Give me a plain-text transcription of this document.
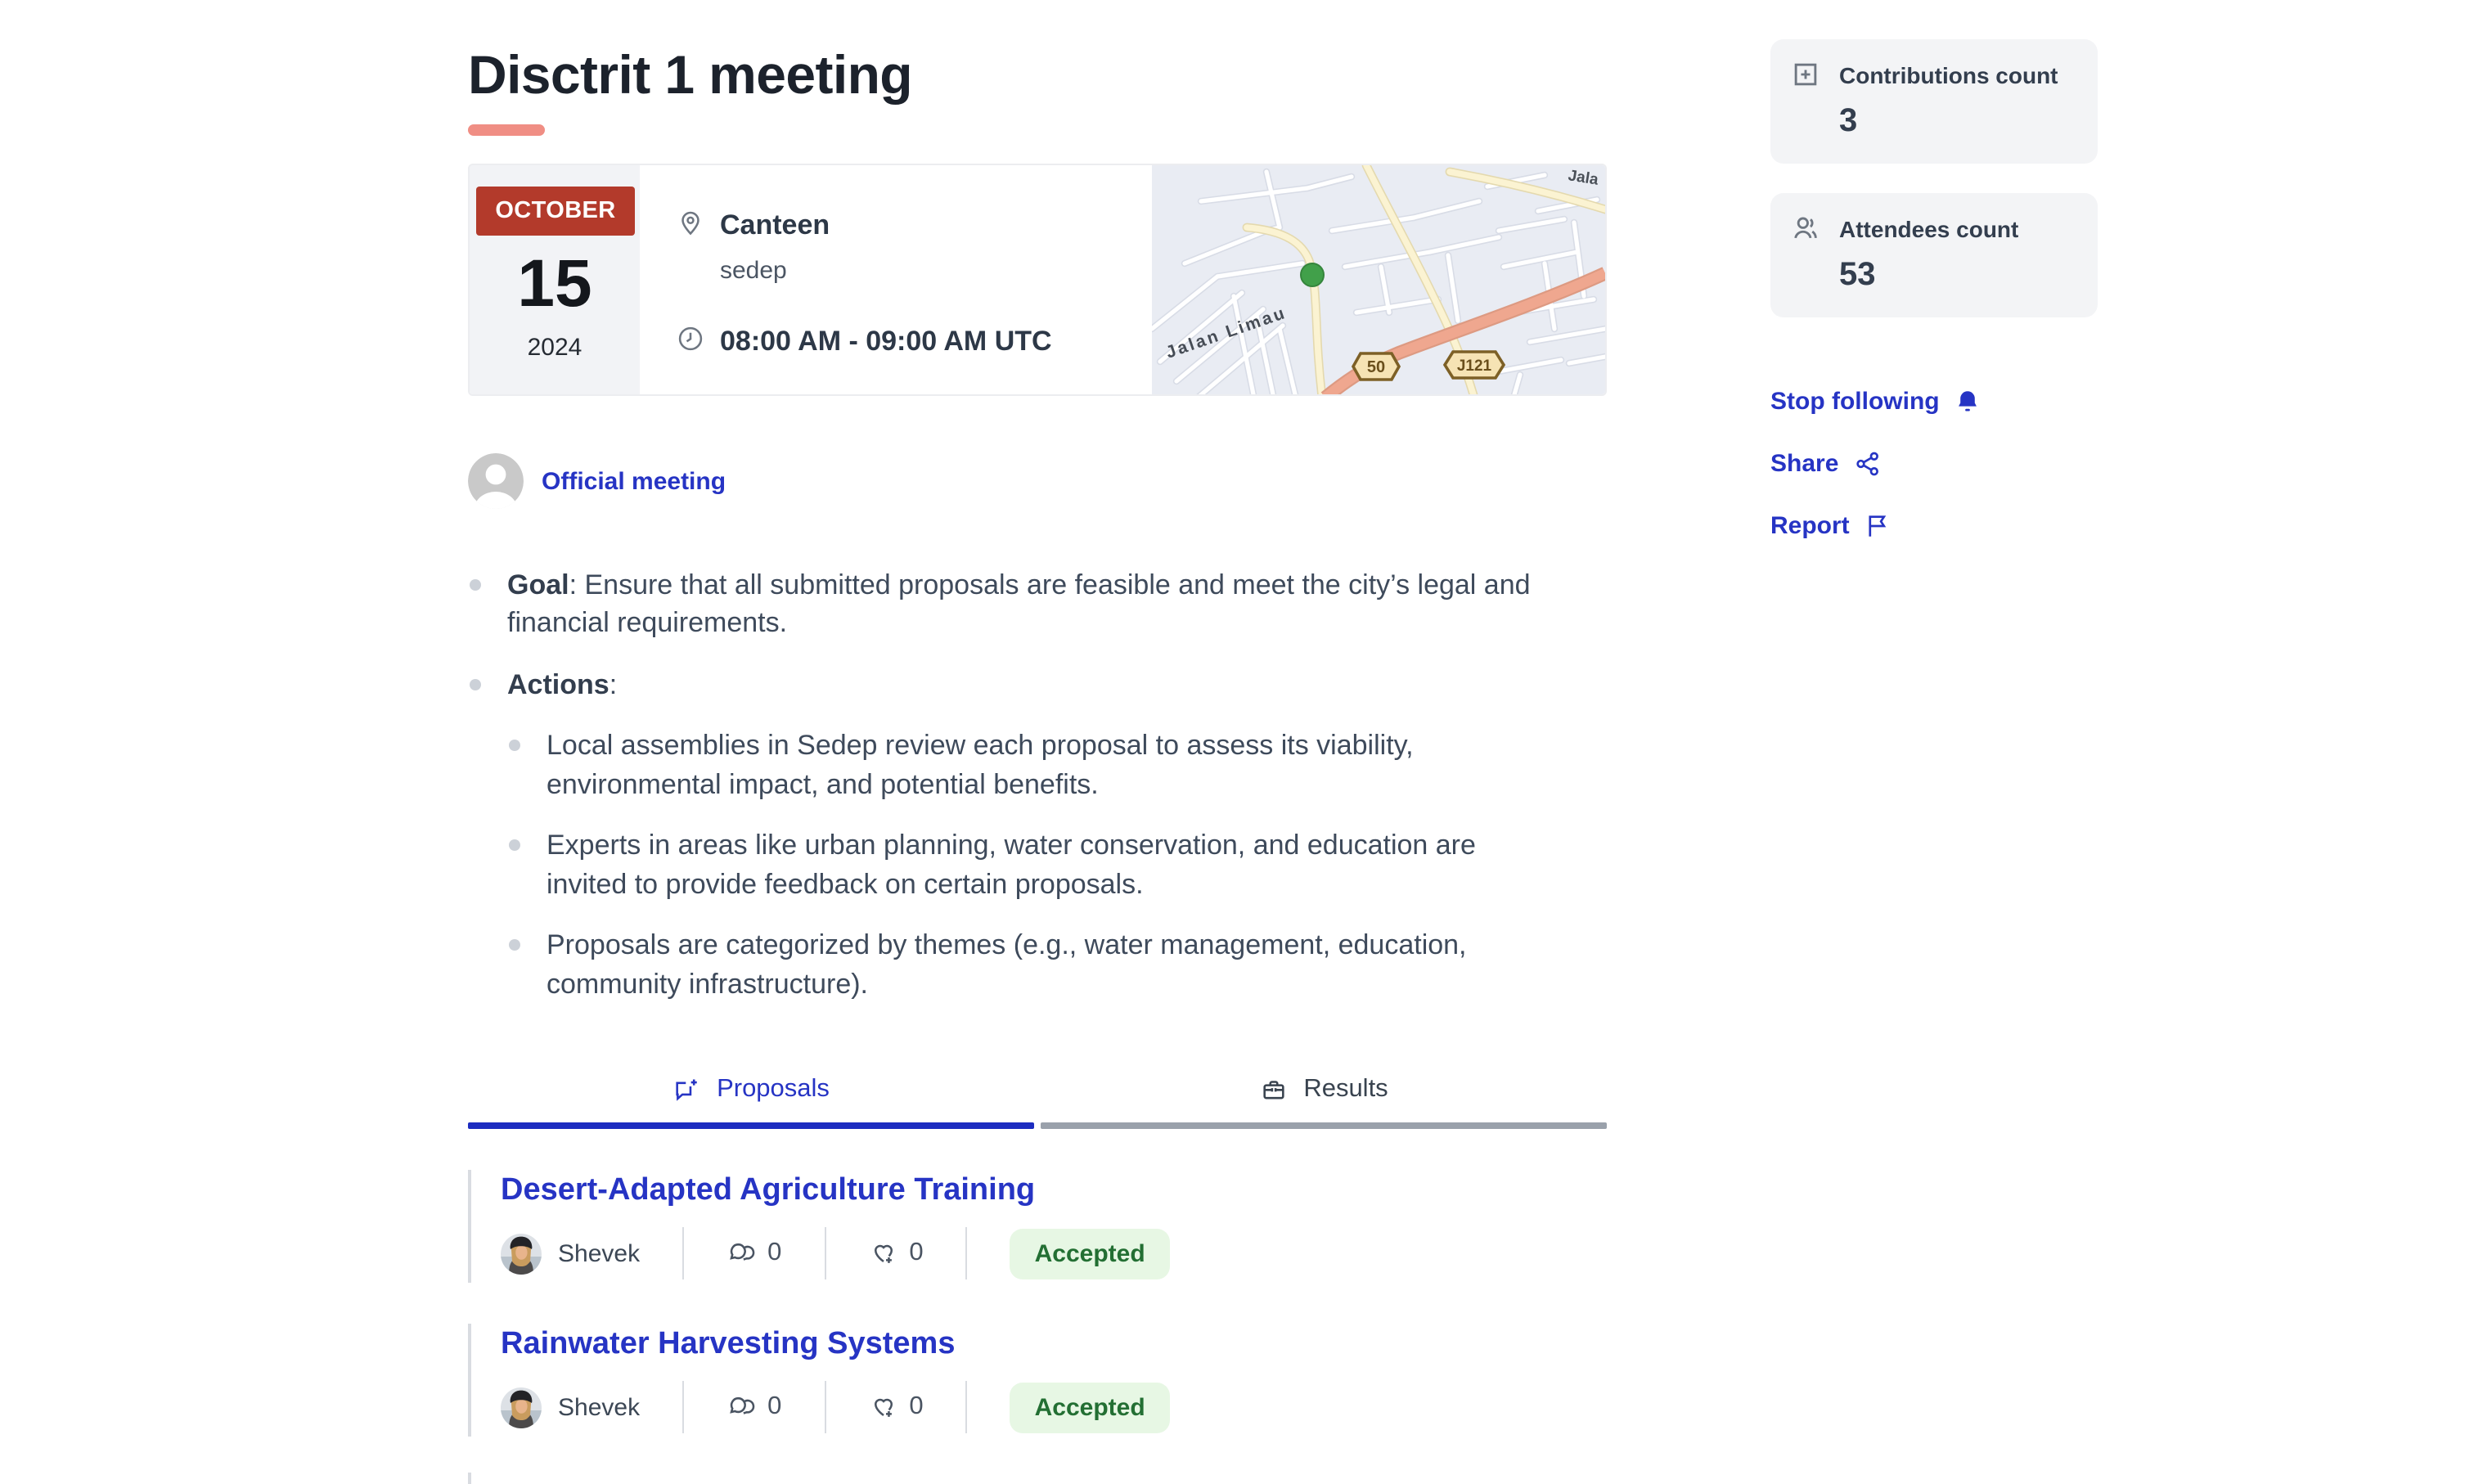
Disctrit 1 meeting
OCTOBER
15
2024
Canteen
sedep
08:00 AM - 09:00 AM UTC	Jalan Limau
Jala
50	J121
Official meeting
Goal: Ensure that all submitted proposals are feasible and meet the city’s legal and financial requirements.
Actions:
Local assemblies in Sedep review each proposal to assess its viability, environmental impact, and potential benefits.
Experts in areas like urban planning, water conservation, and education are invited to provide feedback on certain proposals.
Proposals are categorized by themes (e.g., water management, education, community infrastructure).
Proposals	Results
Desert-Adapted Agriculture Training
Shevek	0	0	Accepted
Rainwater Harvesting Systems
Shevek	0	0	Accepted
Contributions count
3
Attendees count
53
Stop following
Share
Report
